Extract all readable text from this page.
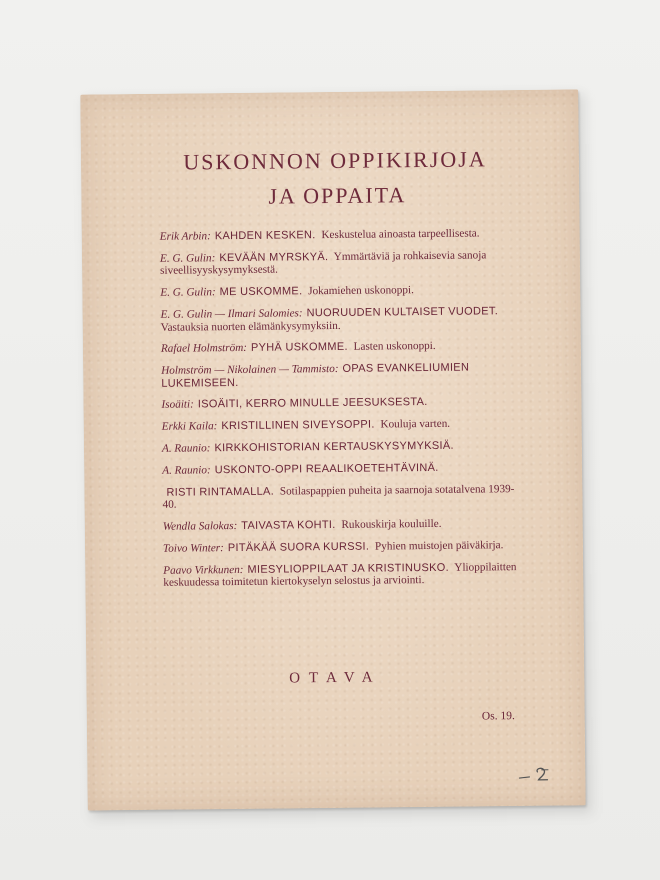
USKONNON OPPIKIRJOJA
JA OPPAITA

Erik Arbin: KAHDEN KESKEN. Keskustelua ainoasta tarpeellisesta.

E. G. Gulin: KEVÄÄN MYRSKYÄ. Ymmärtäviä ja rohkaisevia sanoja siveellisyyskysymyksestä.

E. G. Gulin: ME USKOMME. Jokamiehen uskonoppi.

E. G. Gulin — Ilmari Salomies: NUORUUDEN KULTAISET VUODET. Vastauksia nuorten elämänkysymyksiin.

Rafael Holmström: PYHÄ USKOMME. Lasten uskonoppi.

Holmström — Nikolainen — Tammisto: OPAS EVANKELIUMIEN LUKEMISEEN.

Isoäiti: ISOÄITI, KERRO MINULLE JEESUKSESTA.

Erkki Kaila: KRISTILLINEN SIVEYSOPPI. Kouluja varten.

A. Raunio: KIRKKOHISTORIAN KERTAUSKYSYMYKSIÄ.

A. Raunio: USKONTO-OPPI REAALIKOETEHTÄVINÄ.

RISTI RINTAMALLA. Sotilaspappien puheita ja saarnoja sotatalvena 1939-40.

Wendla Salokas: TAIVASTA KOHTI. Rukouskirja kouluille.

Toivo Winter: PITÄKÄÄ SUORA KURSSI. Pyhien muistojen päiväkirja.

Paavo Virkkunen: MIESYLIOPPILAAT JA KRISTINUSKO. Ylioppilaitten keskuudessa toimitetun kiertokyselyn selostus ja arviointi.

OTAVA
Os. 19.
